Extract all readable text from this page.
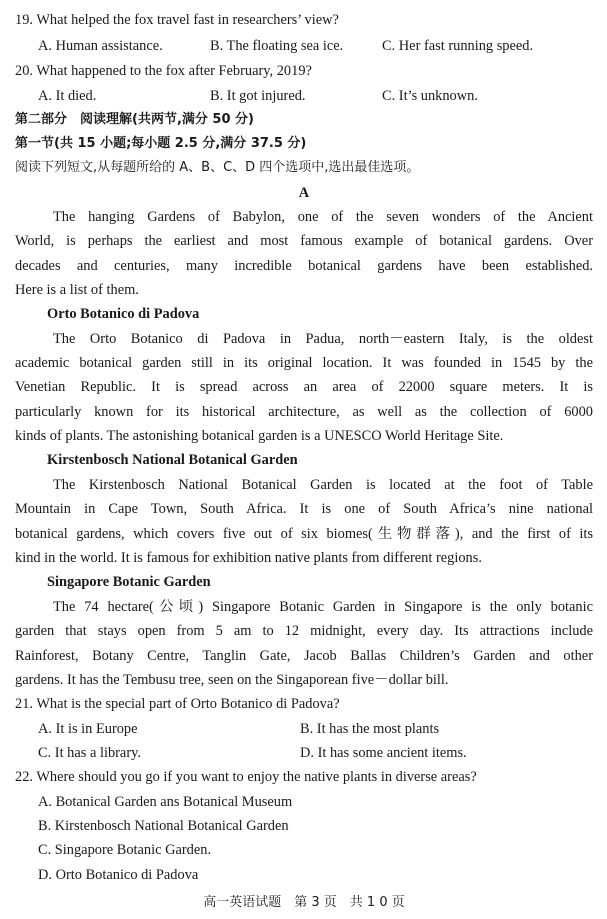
19. What helped the fox travel fast in researchers’ view?
A. Human assistance.	B. The floating sea ice.	C. Her fast running speed.
20. What happened to the fox after February, 2019?
A. It died.	B. It got injured.	C. It’s unknown.
第二部分　阅读理解(共两节,满分 50 分)
第一节(共 15 小题;每小题 2.5 分,满分 37.5 分)
阅读下列短文,从每题所给的 A、B、C、D 四个选项中,选出最佳选项。
A
The hanging Gardens of Babylon, one of the seven wonders of the Ancient
World, is perhaps the earliest and most famous example of botanical gardens. Over
decades and centuries, many incredible botanical gardens have been established.
Here is a list of them.
Orto Botanico di Padova
The Orto Botanico di Padova in Padua, north－eastern Italy, is the oldest
academic botanical garden still in its original location. It was founded in 1545 by the
Venetian Republic. It is spread across an area of 22000 square meters. It is
particularly known for its historical architecture, as well as the collection of 6000
kinds of plants. The astonishing botanical garden is a UNESCO World Heritage Site.
Kirstenbosch National Botanical Garden
The Kirstenbosch National Botanical Garden is located at the foot of Table
Mountain in Cape Town, South Africa. It is one of South Africa’s nine national
botanical gardens, which covers five out of six biomes(生物群落), and the first of its
kind in the world. It is famous for exhibition native plants from different regions.
Singapore Botanic Garden
The 74 hectare(公顷) Singapore Botanic Garden in Singapore is the only botanic
garden that stays open from 5 am to 12 midnight, every day. Its attractions include
Rainforest, Botany Centre, Tanglin Gate, Jacob Ballas Children’s Garden and other
gardens. It has the Tembusu tree, seen on the Singaporean five－dollar bill.
21. What is the special part of Orto Botanico di Padova?
A. It is in Europe	B. It has the most plants
C. It has a library.	D. It has some ancient items.
22. Where should you go if you want to enjoy the native plants in diverse areas?
A. Botanical Garden ans Botanical Museum
B. Kirstenbosch National Botanical Garden
C. Singapore Botanic Garden.
D. Orto Botanico di Padova
高一英语试题　第 3 页　共 1 0 页
